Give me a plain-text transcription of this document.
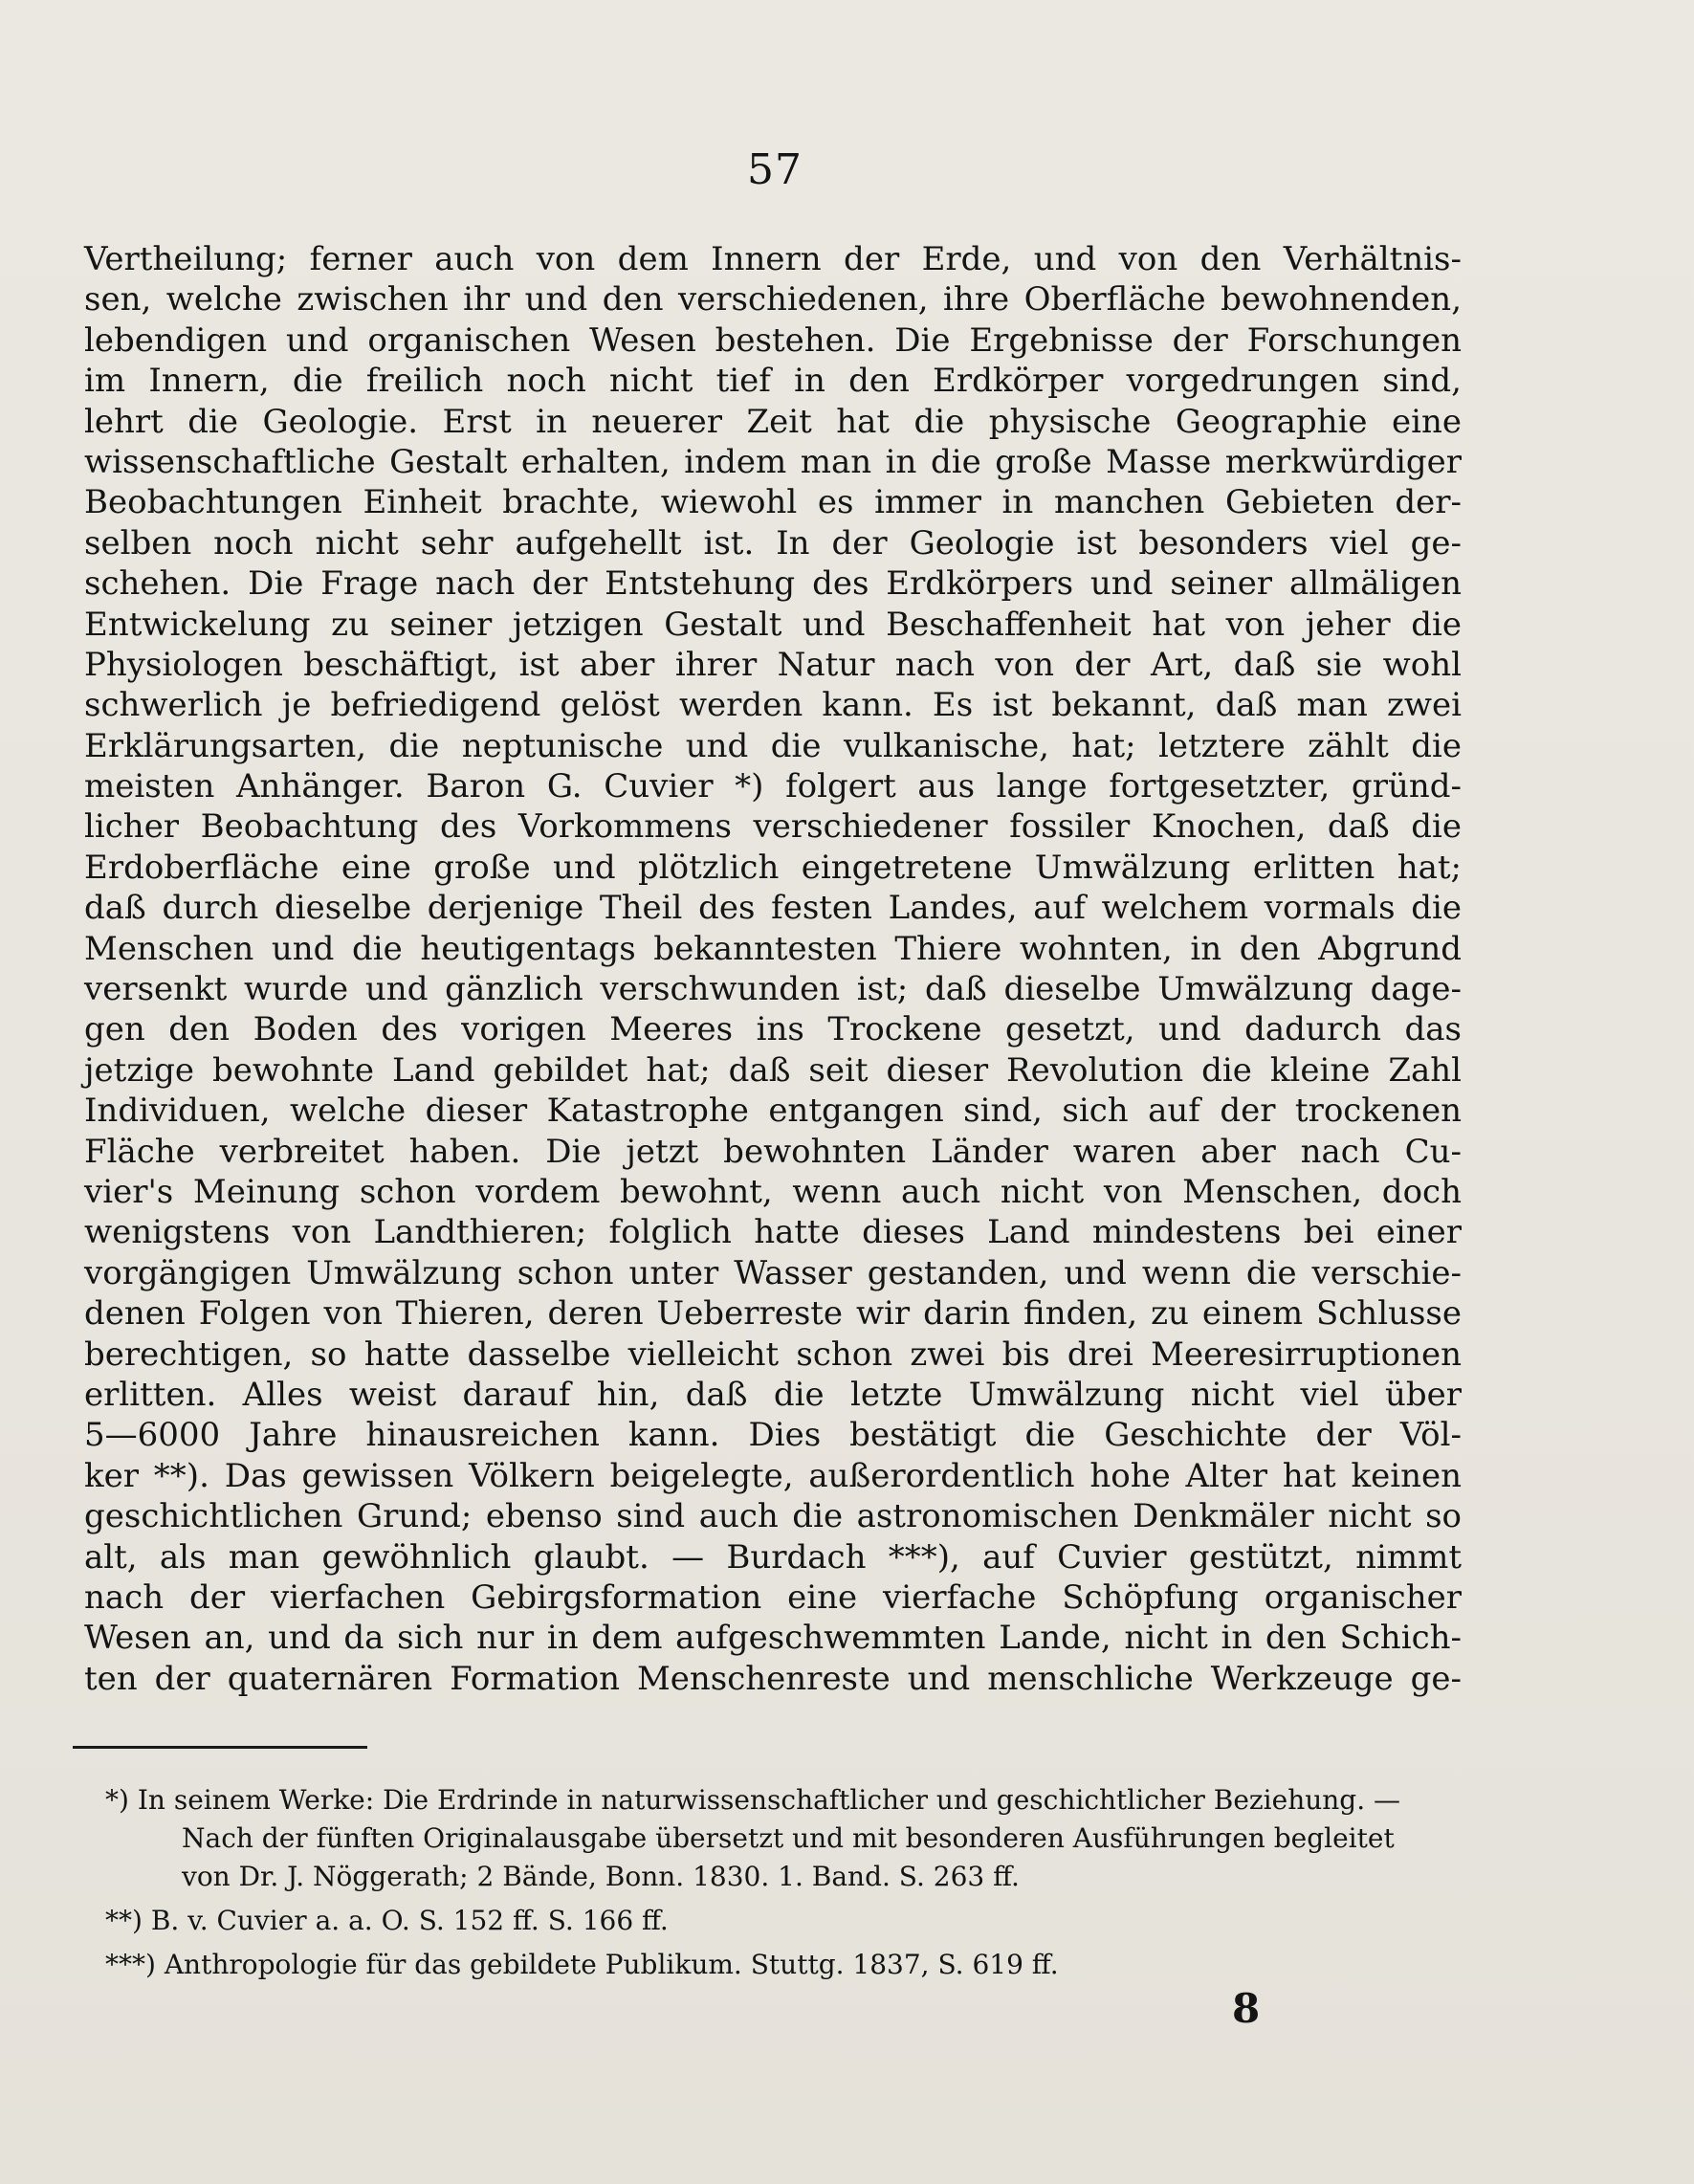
57
Vertheilung; ferner auch von dem Innern der Erde, und von den Verhältnis-
sen, welche zwischen ihr und den verschiedenen, ihre Oberfläche bewohnenden,
lebendigen und organischen Wesen bestehen. Die Ergebnisse der Forschungen
im Innern, die freilich noch nicht tief in den Erdkörper vorgedrungen sind,
lehrt die Geologie. Erst in neuerer Zeit hat die physische Geographie eine
wissenschaftliche Gestalt erhalten, indem man in die große Masse merkwürdiger
Beobachtungen Einheit brachte, wiewohl es immer in manchen Gebieten der-
selben noch nicht sehr aufgehellt ist. In der Geologie ist besonders viel ge-
schehen. Die Frage nach der Entstehung des Erdkörpers und seiner allmäligen
Entwickelung zu seiner jetzigen Gestalt und Beschaffenheit hat von jeher die
Physiologen beschäftigt, ist aber ihrer Natur nach von der Art, daß sie wohl
schwerlich je befriedigend gelöst werden kann. Es ist bekannt, daß man zwei
Erklärungsarten, die neptunische und die vulkanische, hat; letztere zählt die
meisten Anhänger. Baron G. Cuvier *) folgert aus lange fortgesetzter, gründ-
licher Beobachtung des Vorkommens verschiedener fossiler Knochen, daß die
Erdoberfläche eine große und plötzlich eingetretene Umwälzung erlitten hat;
daß durch dieselbe derjenige Theil des festen Landes, auf welchem vormals die
Menschen und die heutigentags bekanntesten Thiere wohnten, in den Abgrund
versenkt wurde und gänzlich verschwunden ist; daß dieselbe Umwälzung dage-
gen den Boden des vorigen Meeres ins Trockene gesetzt, und dadurch das
jetzige bewohnte Land gebildet hat; daß seit dieser Revolution die kleine Zahl
Individuen, welche dieser Katastrophe entgangen sind, sich auf der trockenen
Fläche verbreitet haben. Die jetzt bewohnten Länder waren aber nach Cu-
vier's Meinung schon vordem bewohnt, wenn auch nicht von Menschen, doch
wenigstens von Landthieren; folglich hatte dieses Land mindestens bei einer
vorgängigen Umwälzung schon unter Wasser gestanden, und wenn die verschie-
denen Folgen von Thieren, deren Ueberreste wir darin finden, zu einem Schlusse
berechtigen, so hatte dasselbe vielleicht schon zwei bis drei Meeresirruptionen
erlitten. Alles weist darauf hin, daß die letzte Umwälzung nicht viel über
5—6000 Jahre hinausreichen kann. Dies bestätigt die Geschichte der Völ-
ker **). Das gewissen Völkern beigelegte, außerordentlich hohe Alter hat keinen
geschichtlichen Grund; ebenso sind auch die astronomischen Denkmäler nicht so
alt, als man gewöhnlich glaubt. — Burdach ***), auf Cuvier gestützt, nimmt
nach der vierfachen Gebirgsformation eine vierfache Schöpfung organischer
Wesen an, und da sich nur in dem aufgeschwemmten Lande, nicht in den Schich-
ten der quaternären Formation Menschenreste und menschliche Werkzeuge ge-
*) In seinem Werke: Die Erdrinde in naturwissenschaftlicher und geschichtlicher Beziehung. —
Nach der fünften Originalausgabe übersetzt und mit besonderen Ausführungen begleitet
von Dr. J. Nöggerath; 2 Bände, Bonn. 1830. 1. Band. S. 263 ff.
**) B. v. Cuvier a. a. O. S. 152 ff. S. 166 ff.
***) Anthropologie für das gebildete Publikum. Stuttg. 1837, S. 619 ff.
8
